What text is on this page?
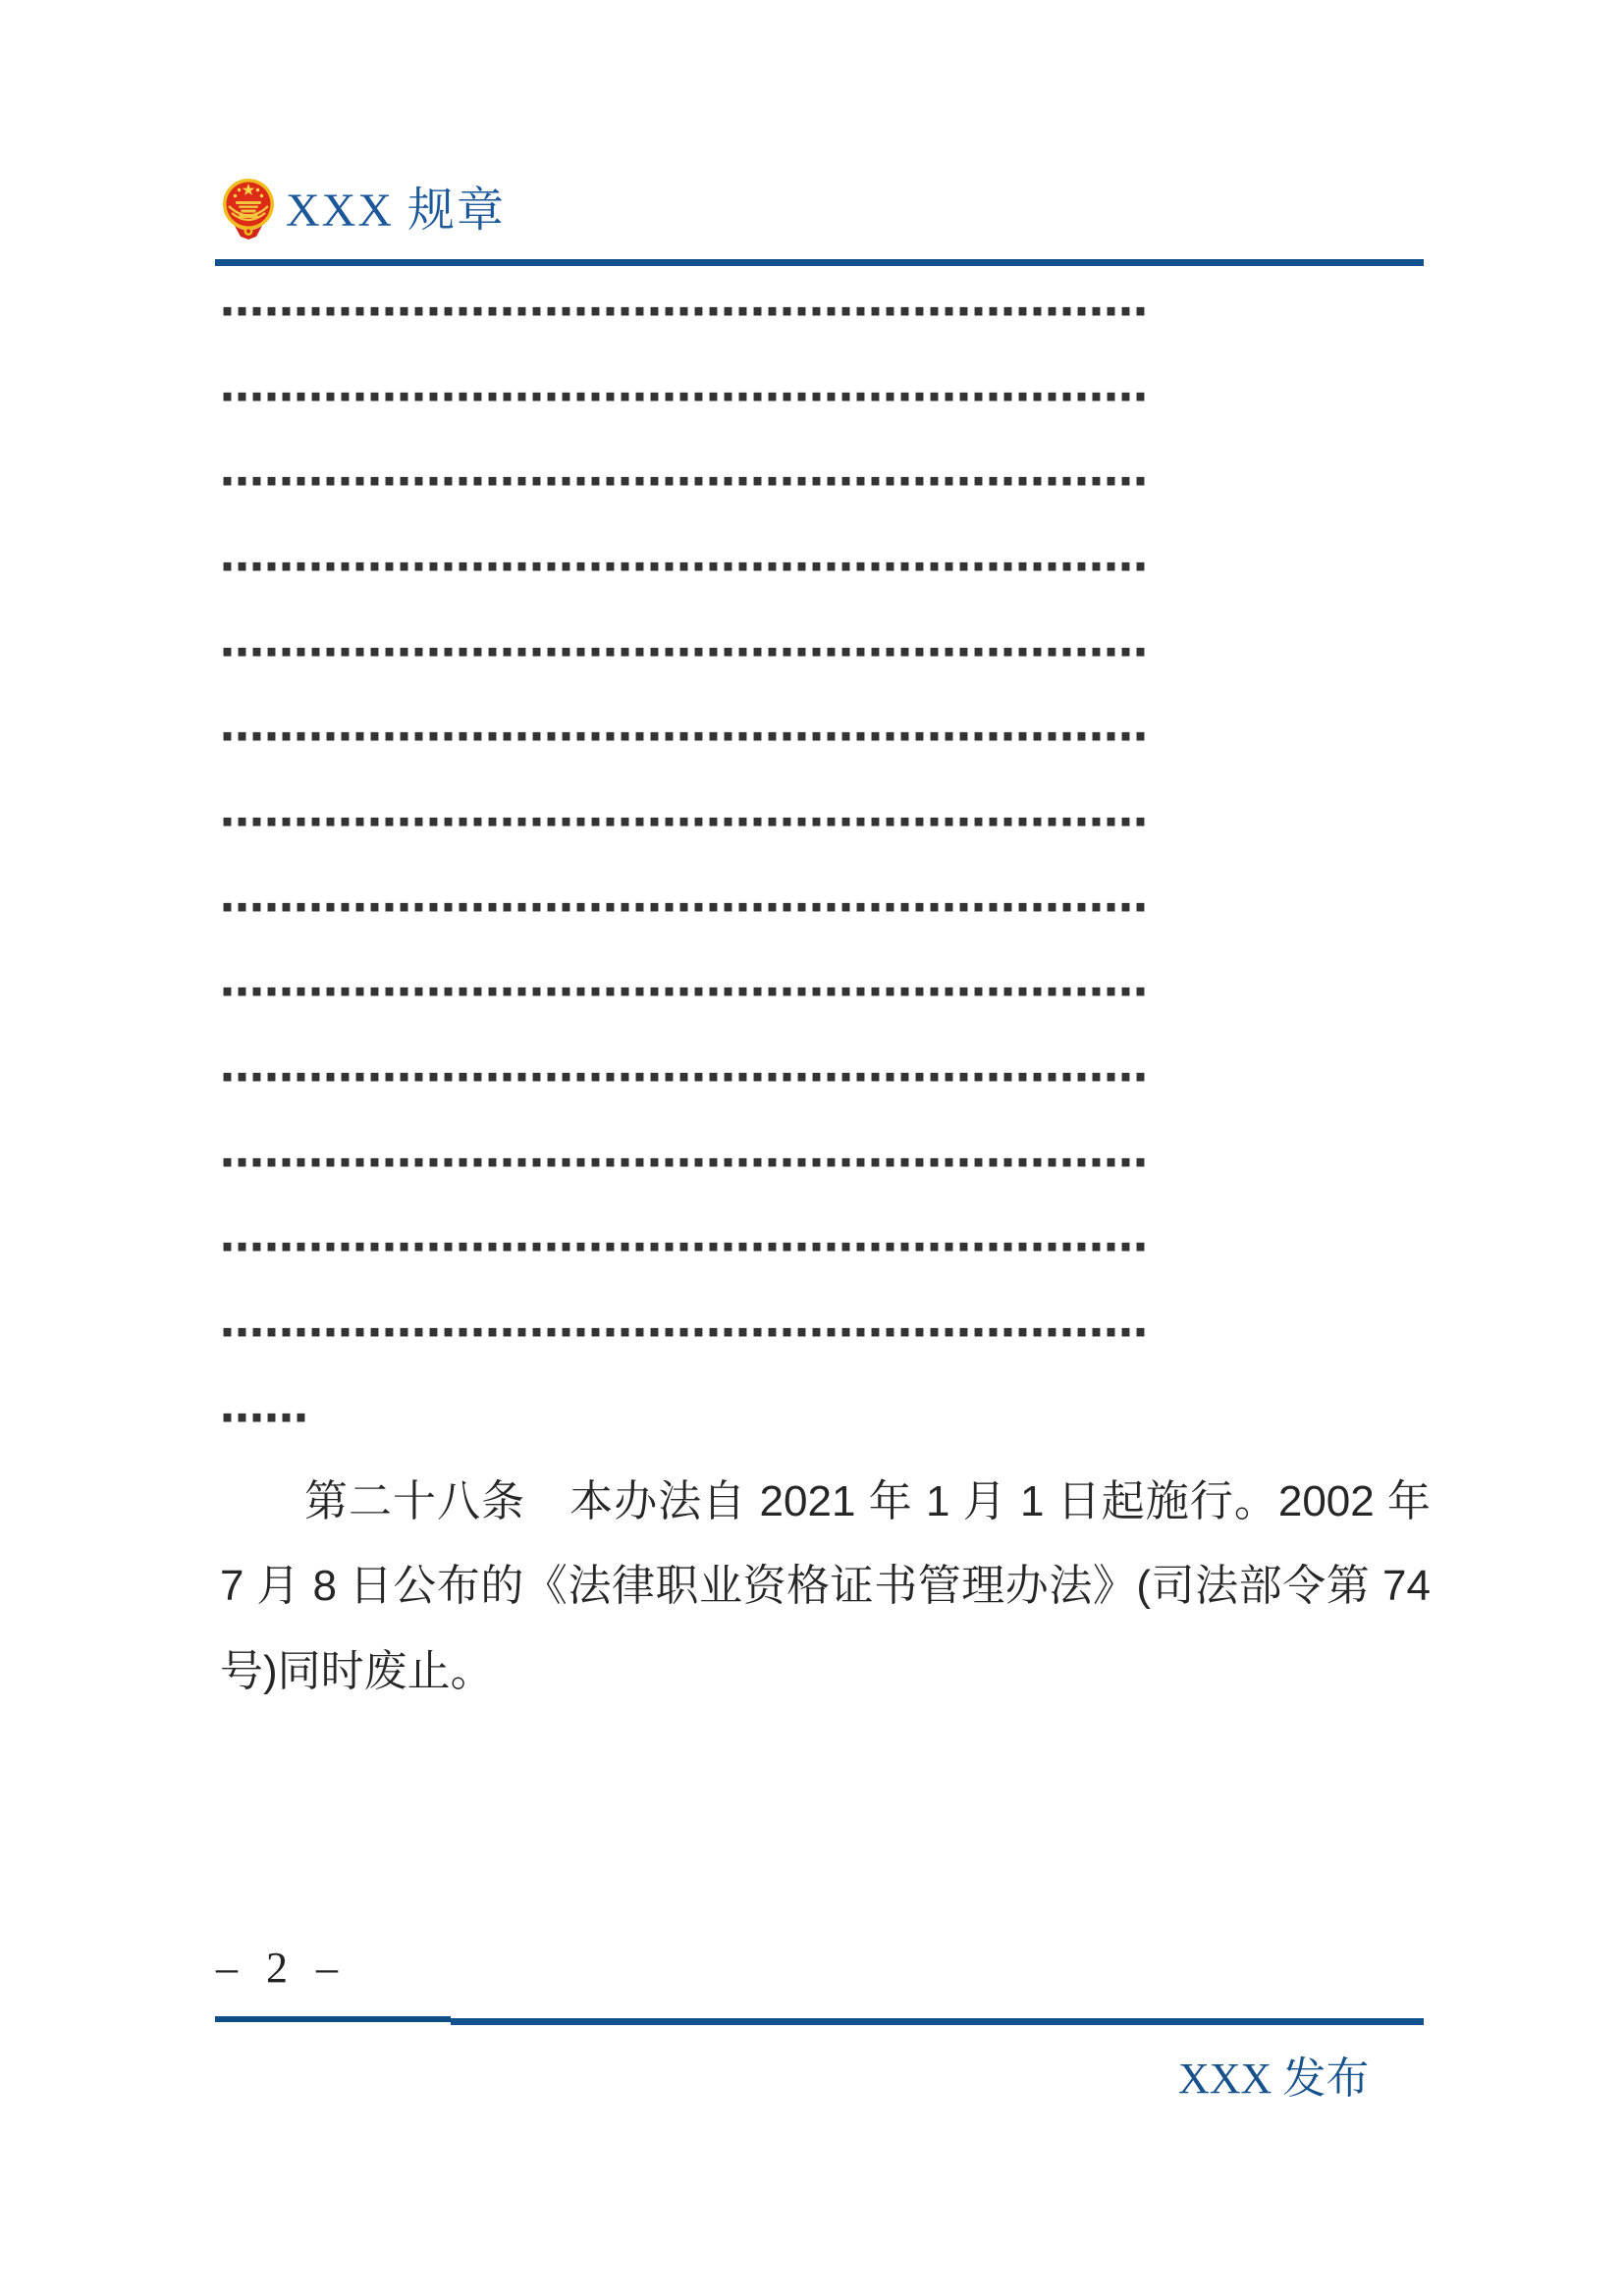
XXX 规章
………………………………………………………
………………………………………………………
………………………………………………………
………………………………………………………
………………………………………………………
………………………………………………………
………………………………………………………
………………………………………………………
………………………………………………………
………………………………………………………
………………………………………………………
………………………………………………………
………………………………………………………
……
第二十八条　本办法自 2021 年 1 月 1 日起施行。2002 年
7 月 8 日公布的《法律职业资格证书管理办法》(司法部令第 74
号)同时废止。
– 2 –
XXX 发布
